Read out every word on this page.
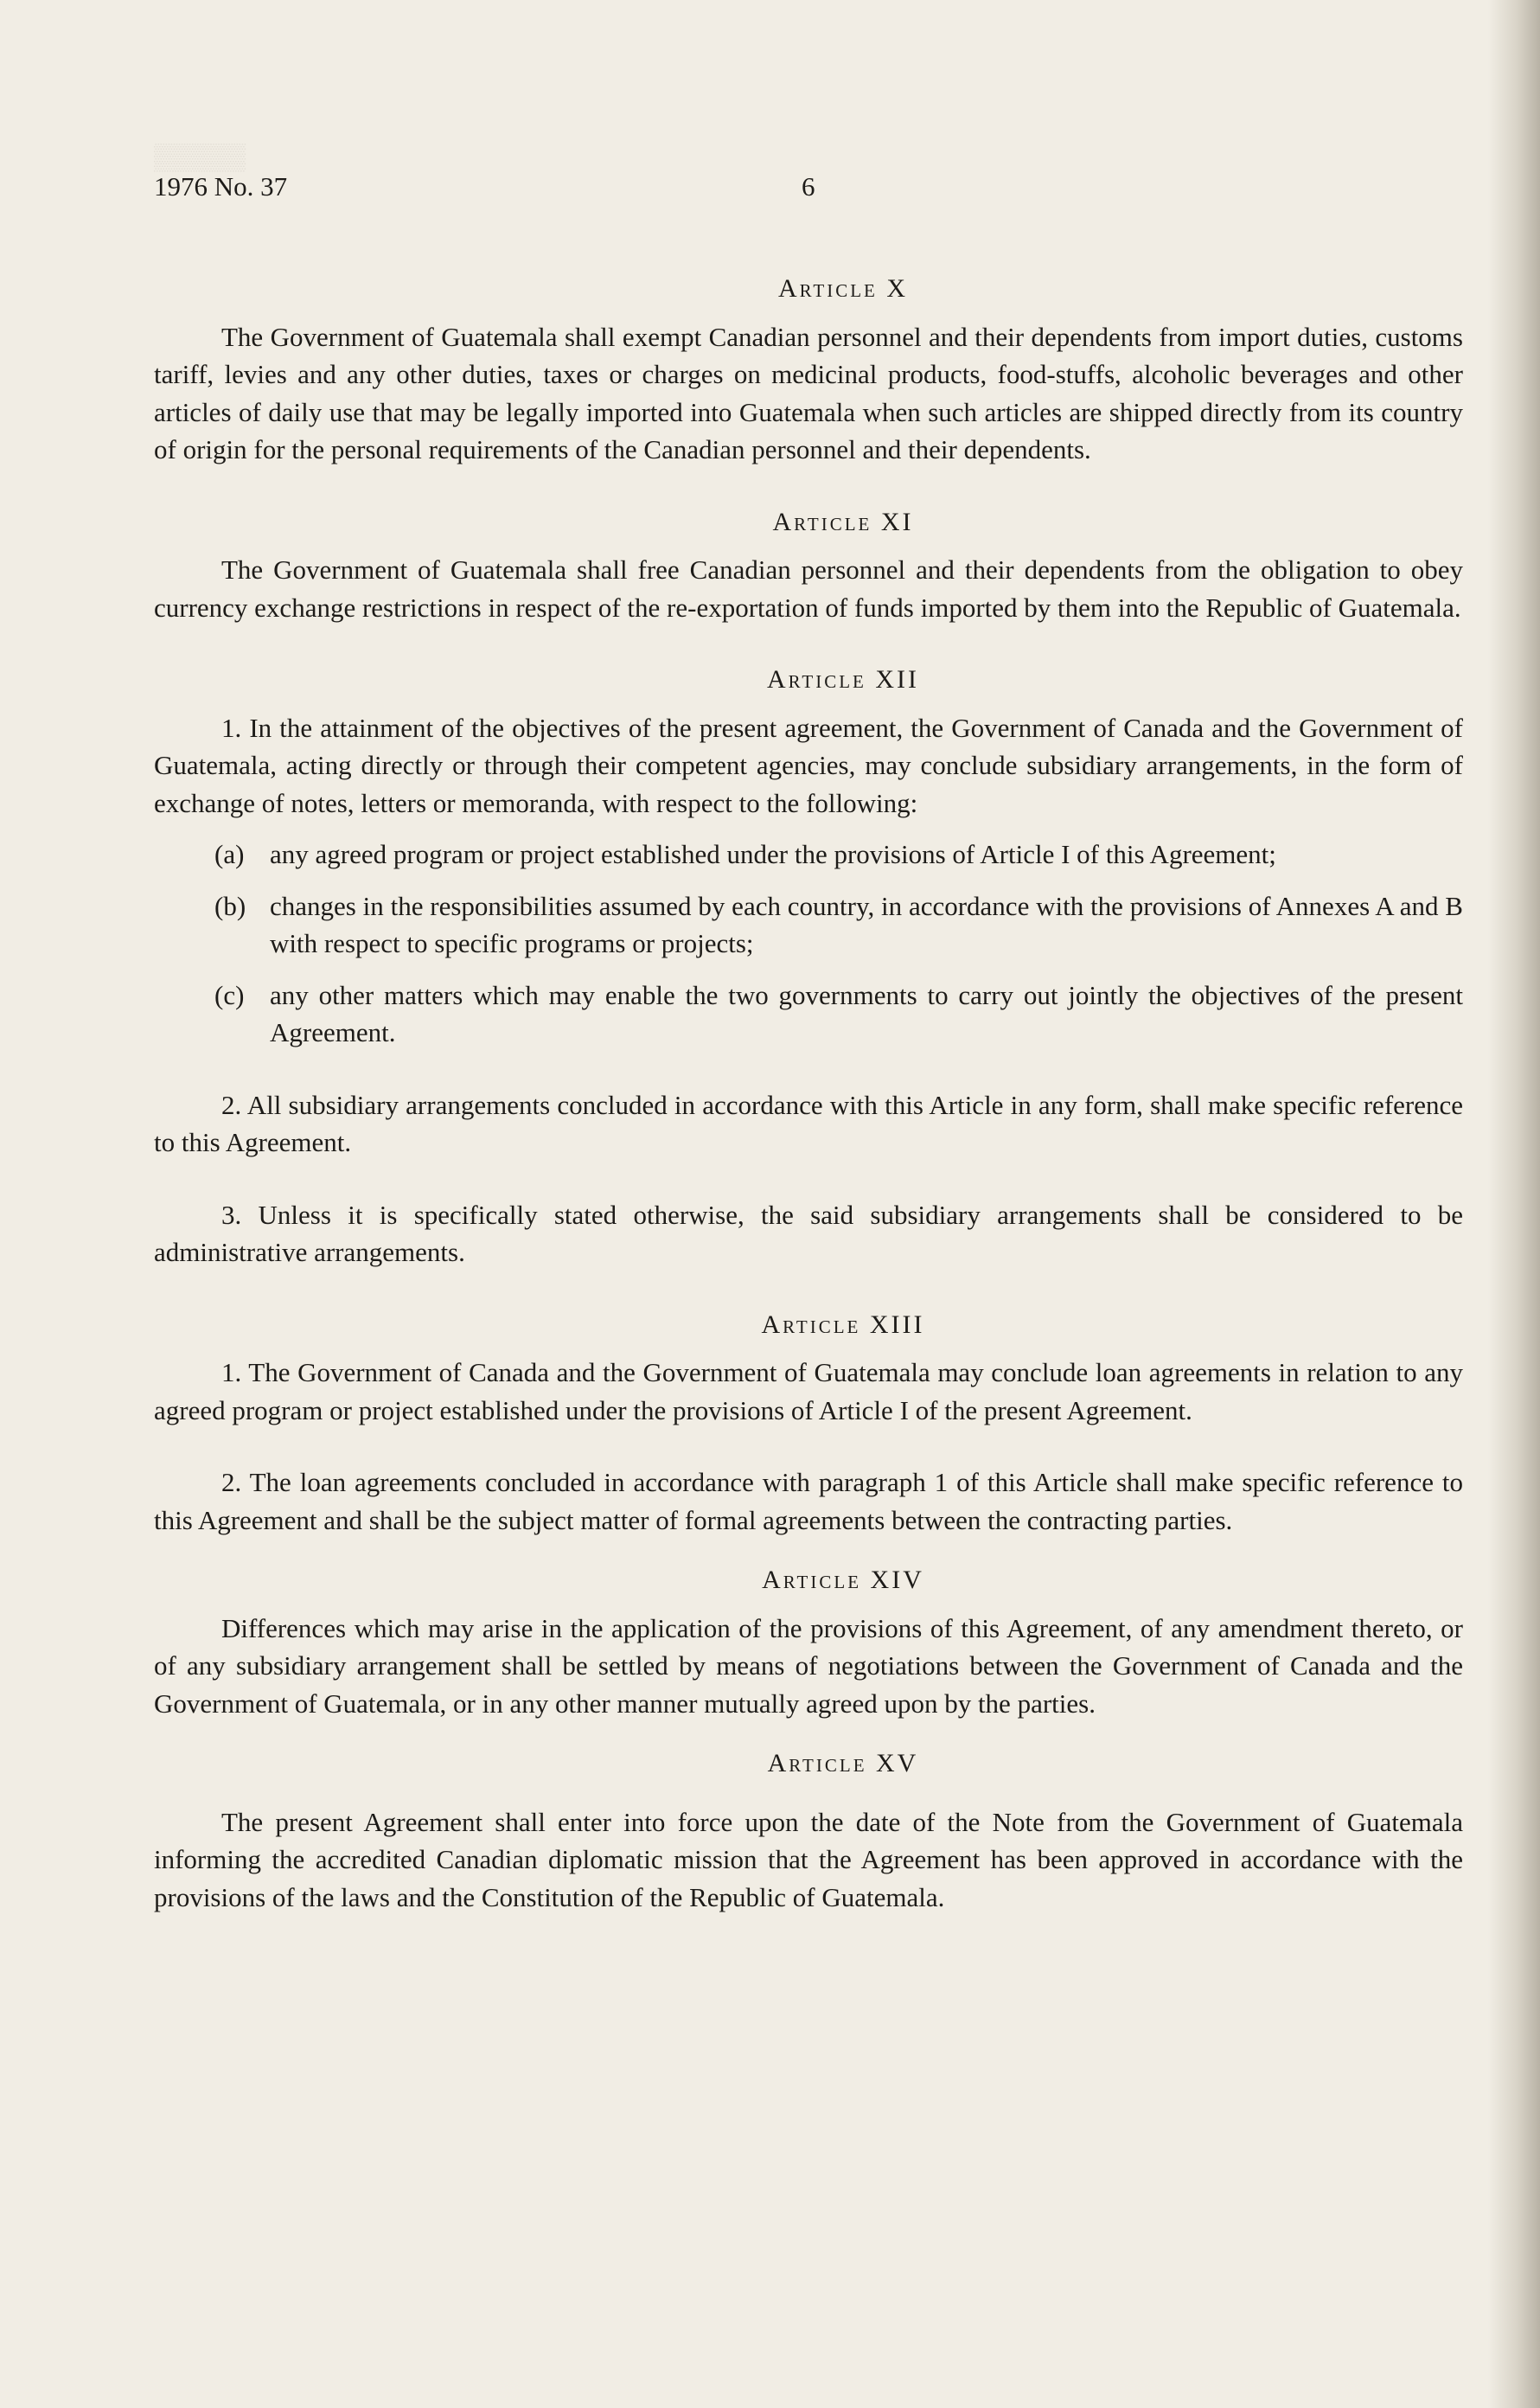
▒▒▒▒▒
1976 No. 37	6
Article X

The Government of Guatemala shall exempt Canadian personnel and their dependents from import duties, customs tariff, levies and any other duties, taxes or charges on medicinal products, food-stuffs, alcoholic beverages and other articles of daily use that may be legally imported into Guatemala when such articles are shipped directly from its country of origin for the personal requirements of the Canadian personnel and their dependents.

Article XI

The Government of Guatemala shall free Canadian personnel and their dependents from the obligation to obey currency exchange restrictions in respect of the re-exportation of funds imported by them into the Republic of Guatemala.

Article XII

1. In the attainment of the objectives of the present agreement, the Government of Canada and the Government of Guatemala, acting directly or through their competent agencies, may conclude subsidiary arrangements, in the form of exchange of notes, letters or memoranda, with respect to the following:

(a) any agreed program or project established under the provisions of Article I of this Agreement;
(b) changes in the responsibilities assumed by each country, in accordance with the provisions of Annexes A and B with respect to specific programs or projects;
(c) any other matters which may enable the two governments to carry out jointly the objectives of the present Agreement.

2. All subsidiary arrangements concluded in accordance with this Article in any form, shall make specific reference to this Agreement.

3. Unless it is specifically stated otherwise, the said subsidiary arrangements shall be considered to be administrative arrangements.

Article XIII

1. The Government of Canada and the Government of Guatemala may conclude loan agreements in relation to any agreed program or project established under the provisions of Article I of the present Agreement.

2. The loan agreements concluded in accordance with paragraph 1 of this Article shall make specific reference to this Agreement and shall be the subject matter of formal agreements between the contracting parties.

Article XIV

Differences which may arise in the application of the provisions of this Agreement, of any amendment thereto, or of any subsidiary arrangement shall be settled by means of negotiations between the Government of Canada and the Government of Guatemala, or in any other manner mutually agreed upon by the parties.

Article XV

The present Agreement shall enter into force upon the date of the Note from the Government of Guatemala informing the accredited Canadian diplomatic mission that the Agreement has been approved in accordance with the provisions of the laws and the Constitution of the Republic of Guatemala.
